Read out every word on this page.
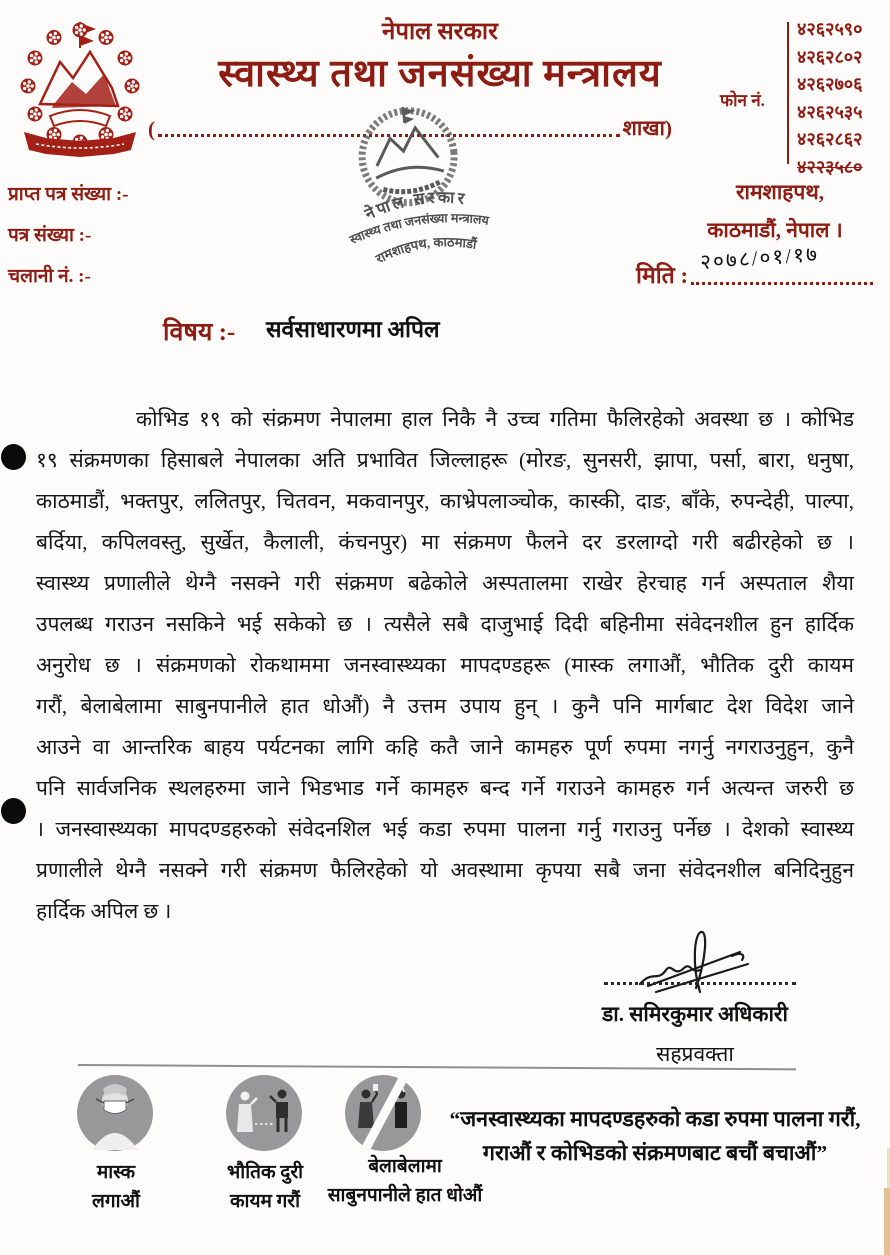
नेपाल सरकार
स्वास्थ्य तथा जनसंख्या मन्त्रालय
(	शाखा)
फोन नं.
४२६२५९०
४२६२८०२
४२६२७०६
४२६२५३५
४२६२८६२
४२२३५८०
नेपाल सरकार
स्वास्थ्य तथा जनसंख्या मन्त्रालय
रामशाहपथ, काठमाडौं
प्राप्त पत्र संख्या :-
पत्र संख्या :-
चलानी नं. :-
रामशाहपथ,
काठमाडौं, नेपाल ।
मिति :
२०७८/०१/१७
विषय :- सर्वसाधारणमा अपिल
कोभिड १९ को संक्रमण नेपालमा हाल निकै नै उच्च गतिमा फैलिरहेको अवस्था छ । कोभिड
१९ संक्रमणका हिसाबले नेपालका अति प्रभावित जिल्लाहरू (मोरङ, सुनसरी, झापा, पर्सा, बारा, धनुषा,
काठमाडौं, भक्तपुर, ललितपुर, चितवन, मकवानपुर, काभ्रेपलाञ्चोक, कास्की, दाङ, बाँके, रुपन्देही, पाल्पा,
बर्दिया, कपिलवस्तु, सुर्खेत, कैलाली, कंचनपुर) मा संक्रमण फैलने दर डरलाग्दो गरी बढीरहेको छ ।
स्वास्थ्य प्रणालीले थेग्नै नसक्ने गरी संक्रमण बढेकोले अस्पतालमा राखेर हेरचाह गर्न अस्पताल शैया
उपलब्ध गराउन नसकिने भई सकेको छ । त्यसैले सबै दाजुभाई दिदी बहिनीमा संवेदनशील हुन हार्दिक
अनुरोध छ । संक्रमणको रोकथाममा जनस्वास्थ्यका मापदण्डहरू (मास्क लगाऔं, भौतिक दुरी कायम
गरौं, बेलाबेलामा साबुनपानीले हात धोऔं) नै उत्तम उपाय हुन् । कुनै पनि मार्गबाट देश विदेश जाने
आउने वा आन्तरिक बाहय पर्यटनका लागि कहि कतै जाने कामहरु पूर्ण रुपमा नगर्नु नगराउनुहुन, कुनै
पनि सार्वजनिक स्थलहरुमा जाने भिडभाड गर्ने कामहरु बन्द गर्ने गराउने कामहरु गर्न अत्यन्त जरुरी छ
। जनस्वास्थ्यका मापदण्डहरुको संवेदनशिल भई कडा रुपमा पालना गर्नु गराउनु पर्नेछ । देशको स्वास्थ्य
प्रणालीले थेग्नै नसक्ने गरी संक्रमण फैलिरहेको यो अवस्थामा कृपया सबै जना संवेदनशील बनिदिनुहुन
हार्दिक अपिल छ ।
डा. समिरकुमार अधिकारी
सहप्रवक्ता
मास्क
लगाऔं
भौतिक दुरी
कायम गरौं
बेलाबेलामा
साबुनपानीले हात धोऔं
“जनस्वास्थ्यका मापदण्डहरुको कडा रुपमा पालना गरौं,
गराऔं र कोभिडको संक्रमणबाट बचौं बचाऔं”
